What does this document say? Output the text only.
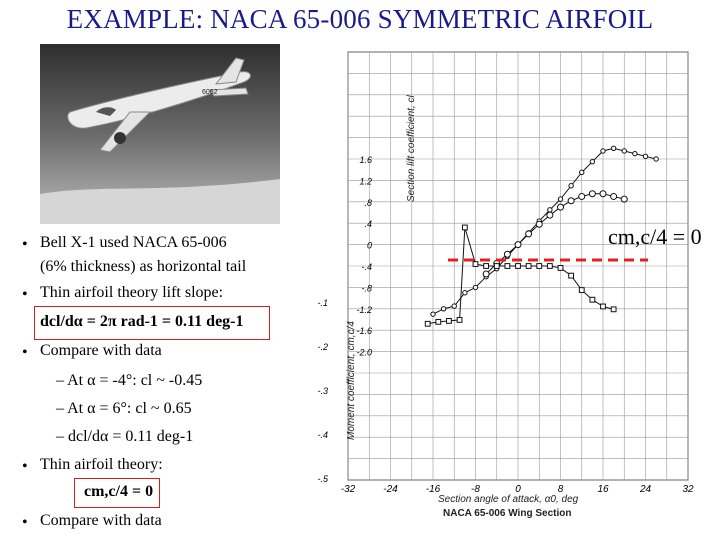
EXAMPLE: NACA 65-006 SYMMETRIC AIRFOIL
6062
• Bell X-1 used NACA 65-006
(6% thickness) as horizontal tail
• Thin airfoil theory lift slope:
dcl/dα = 2π rad-1 = 0.11 deg-1
• Compare with data
– At α = -4°: cl ~ -0.45
– At α = 6°: cl ~ 0.65
– dcl/dα = 0.11 deg-1
• Thin airfoil theory:
cm,c/4 = 0
• Compare with data
-32	-24	-16	-8	0	8	16	24	32
1.6
1.2
.8
.4
0
-.4
-.8
-1.2
-1.6
-2.0
-.1
-.2
-.3
-.4
-.5
Section lift coefficient, cl
Moment coefficient, cm,c/4
Section angle of attack, α0, deg
NACA 65-006 Wing Section
cm,c/4 = 0
